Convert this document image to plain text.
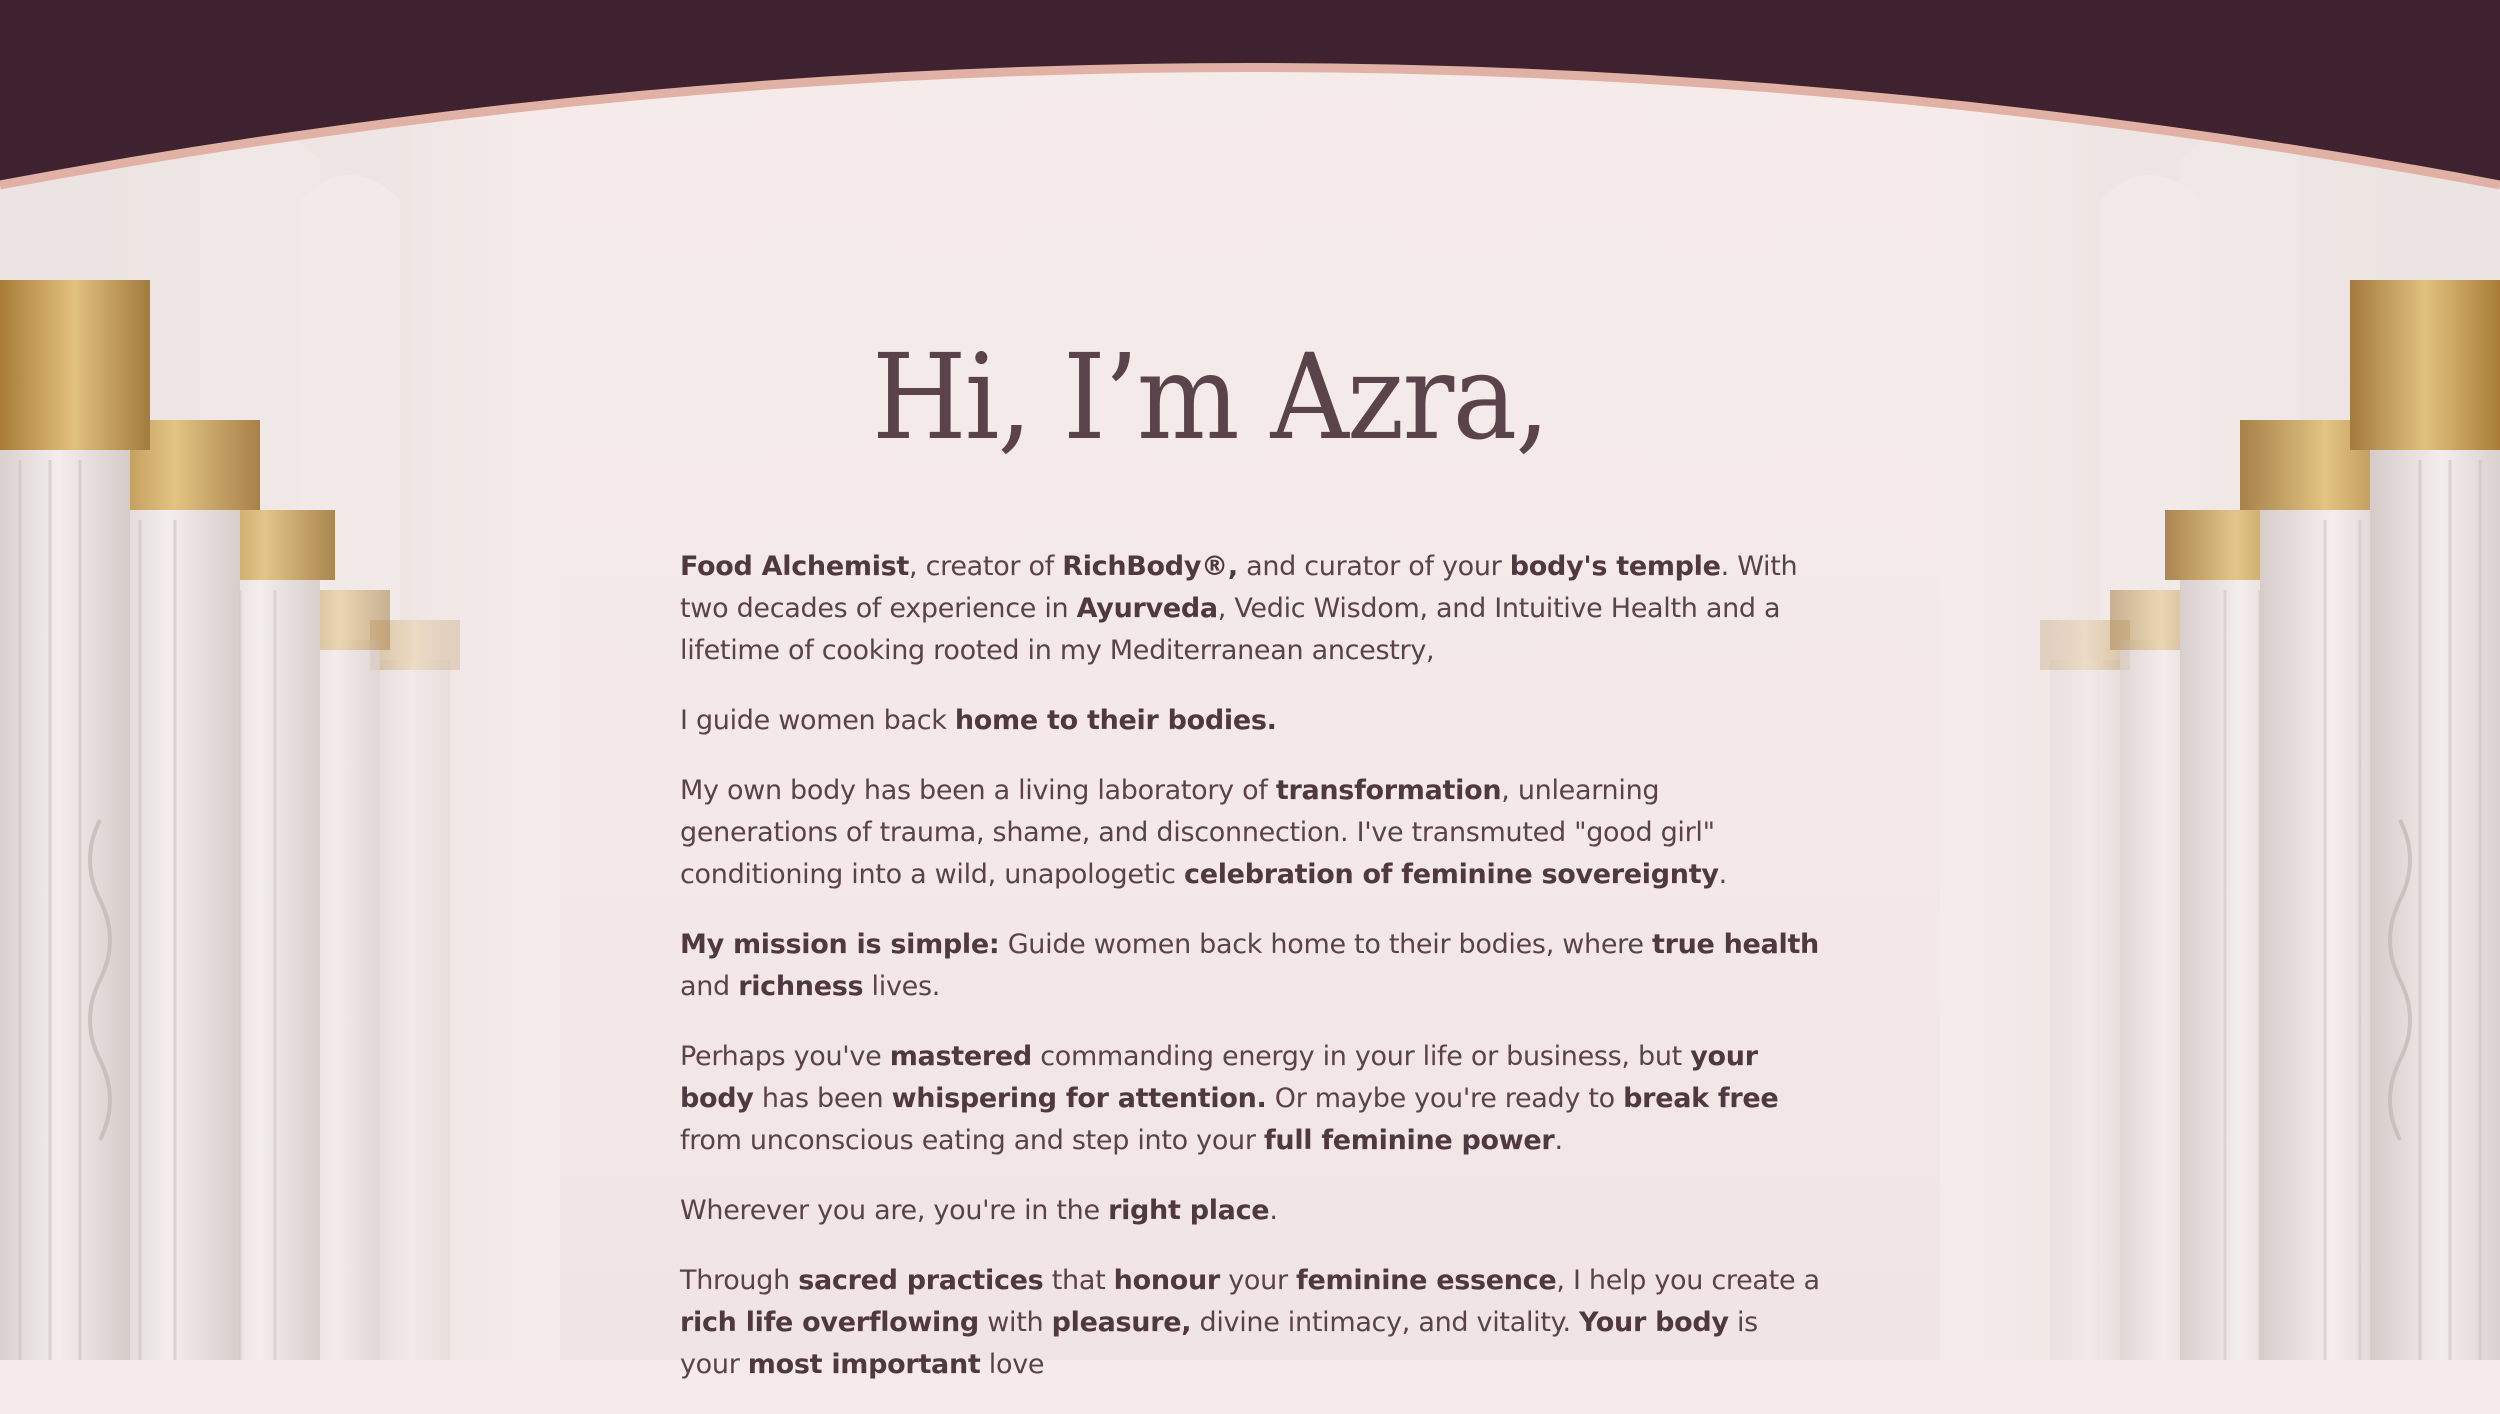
Hi, I’m Azra,

Food Alchemist, creator of RichBody®, and curator of your body's temple. With two decades of experience in Ayurveda, Vedic Wisdom, and Intuitive Health and a lifetime of cooking rooted in my Mediterranean ancestry,

I guide women back home to their bodies.

My own body has been a living laboratory of transformation, unlearning generations of trauma, shame, and disconnection. I've transmuted "good girl" conditioning into a wild, unapologetic celebration of feminine sovereignty.

My mission is simple: Guide women back home to their bodies, where true health and richness lives.

Perhaps you've mastered commanding energy in your life or business, but your body has been whispering for attention. Or maybe you're ready to break free from unconscious eating and step into your full feminine power.

Wherever you are, you're in the right place.

Through sacred practices that honour your feminine essence, I help you create a rich life overflowing with pleasure, divine intimacy, and vitality. Your body is your most important love
